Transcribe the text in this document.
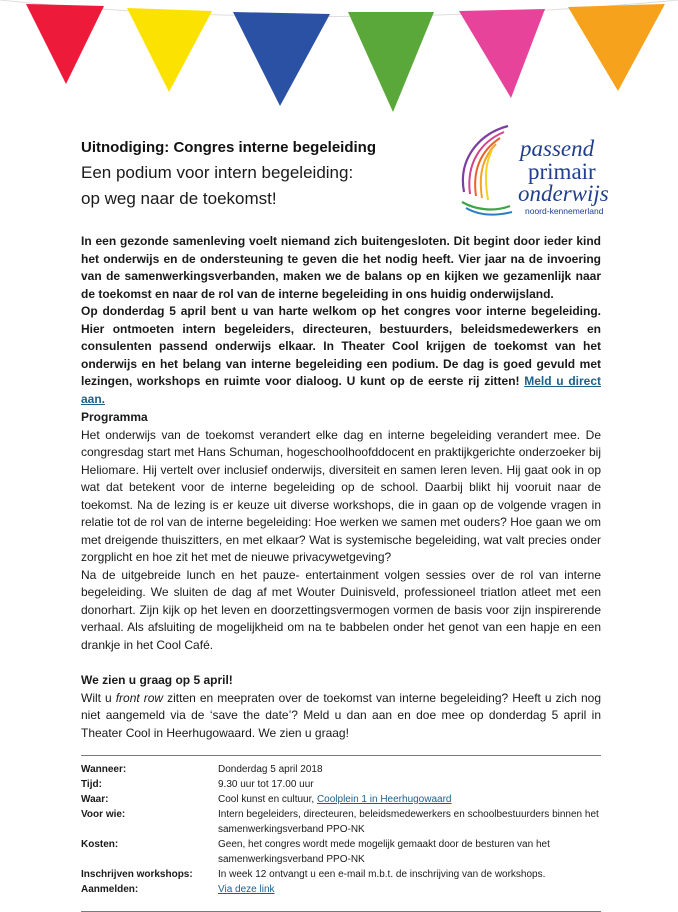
passend
primair
onderwijs
noord-kennemerland
Uitnodiging: Congres interne begeleiding
Een podium voor intern begeleiding:
op weg naar de toekomst!

In een gezonde samenleving voelt niemand zich buitengesloten. Dit begint door ieder kind het onderwijs en de ondersteuning te geven die het nodig heeft. Vier jaar na de invoering van de samenwerkingsverbanden, maken we de balans op en kijken we gezamenlijk naar de toekomst en naar de rol van de interne begeleiding in ons huidig onderwijsland.

Op donderdag 5 april bent u van harte welkom op het congres voor interne begeleiding. Hier ontmoeten intern begeleiders, directeuren, bestuurders, beleidsmedewerkers en consulenten passend onderwijs elkaar. In Theater Cool krijgen de toekomst van het onderwijs en het belang van interne begeleiding een podium. De dag is goed gevuld met lezingen, workshops en ruimte voor dialoog. U kunt op de eerste rij zitten! Meld u direct aan.

Programma

Het onderwijs van de toekomst verandert elke dag en interne begeleiding verandert mee. De congresdag start met Hans Schuman, hogeschoolhoofddocent en praktijkgerichte onderzoeker bij Heliomare. Hij vertelt over inclusief onderwijs, diversiteit en samen leren leven. Hij gaat ook in op wat dat betekent voor de interne begeleiding op de school. Daarbij blikt hij vooruit naar de toekomst. Na de lezing is er keuze uit diverse workshops, die in gaan op de volgende vragen in relatie tot de rol van de interne begeleiding: Hoe werken we samen met ouders? Hoe gaan we om met dreigende thuiszitters, en met elkaar? Wat is systemische begeleiding, wat valt precies onder zorgplicht en hoe zit het met de nieuwe privacywetgeving?

Na de uitgebreide lunch en het pauze- entertainment volgen sessies over de rol van interne begeleiding. We sluiten de dag af met Wouter Duinisveld, professioneel triatlon atleet met een donorhart. Zijn kijk op het leven en doorzettingsvermogen vormen de basis voor zijn inspirerende verhaal. Als afsluiting de mogelijkheid om na te babbelen onder het genot van een hapje en een drankje in het Cool Café.

We zien u graag op 5 april!

Wilt u front row zitten en meepraten over de toekomst van interne begeleiding? Heeft u zich nog niet aangemeld via de ‘save the date’? Meld u dan aan en doe mee op donderdag 5 april in Theater Cool in Heerhugowaard. We zien u graag!

Wanneer:	Donderdag 5 april 2018
Tijd:	9.30 uur tot 17.00 uur
Waar:	Cool kunst en cultuur, Coolplein 1 in Heerhugowaard
Voor wie:	Intern begeleiders, directeuren, beleidsmedewerkers en schoolbestuurders binnen het samenwerkingsverband PPO-NK
Kosten:	Geen, het congres wordt mede mogelijk gemaakt door de besturen van het samenwerkingsverband PPO-NK
Inschrijven workshops:	In week 12 ontvangt u een e-mail m.b.t. de inschrijving van de workshops.
Aanmelden:	Via deze link
